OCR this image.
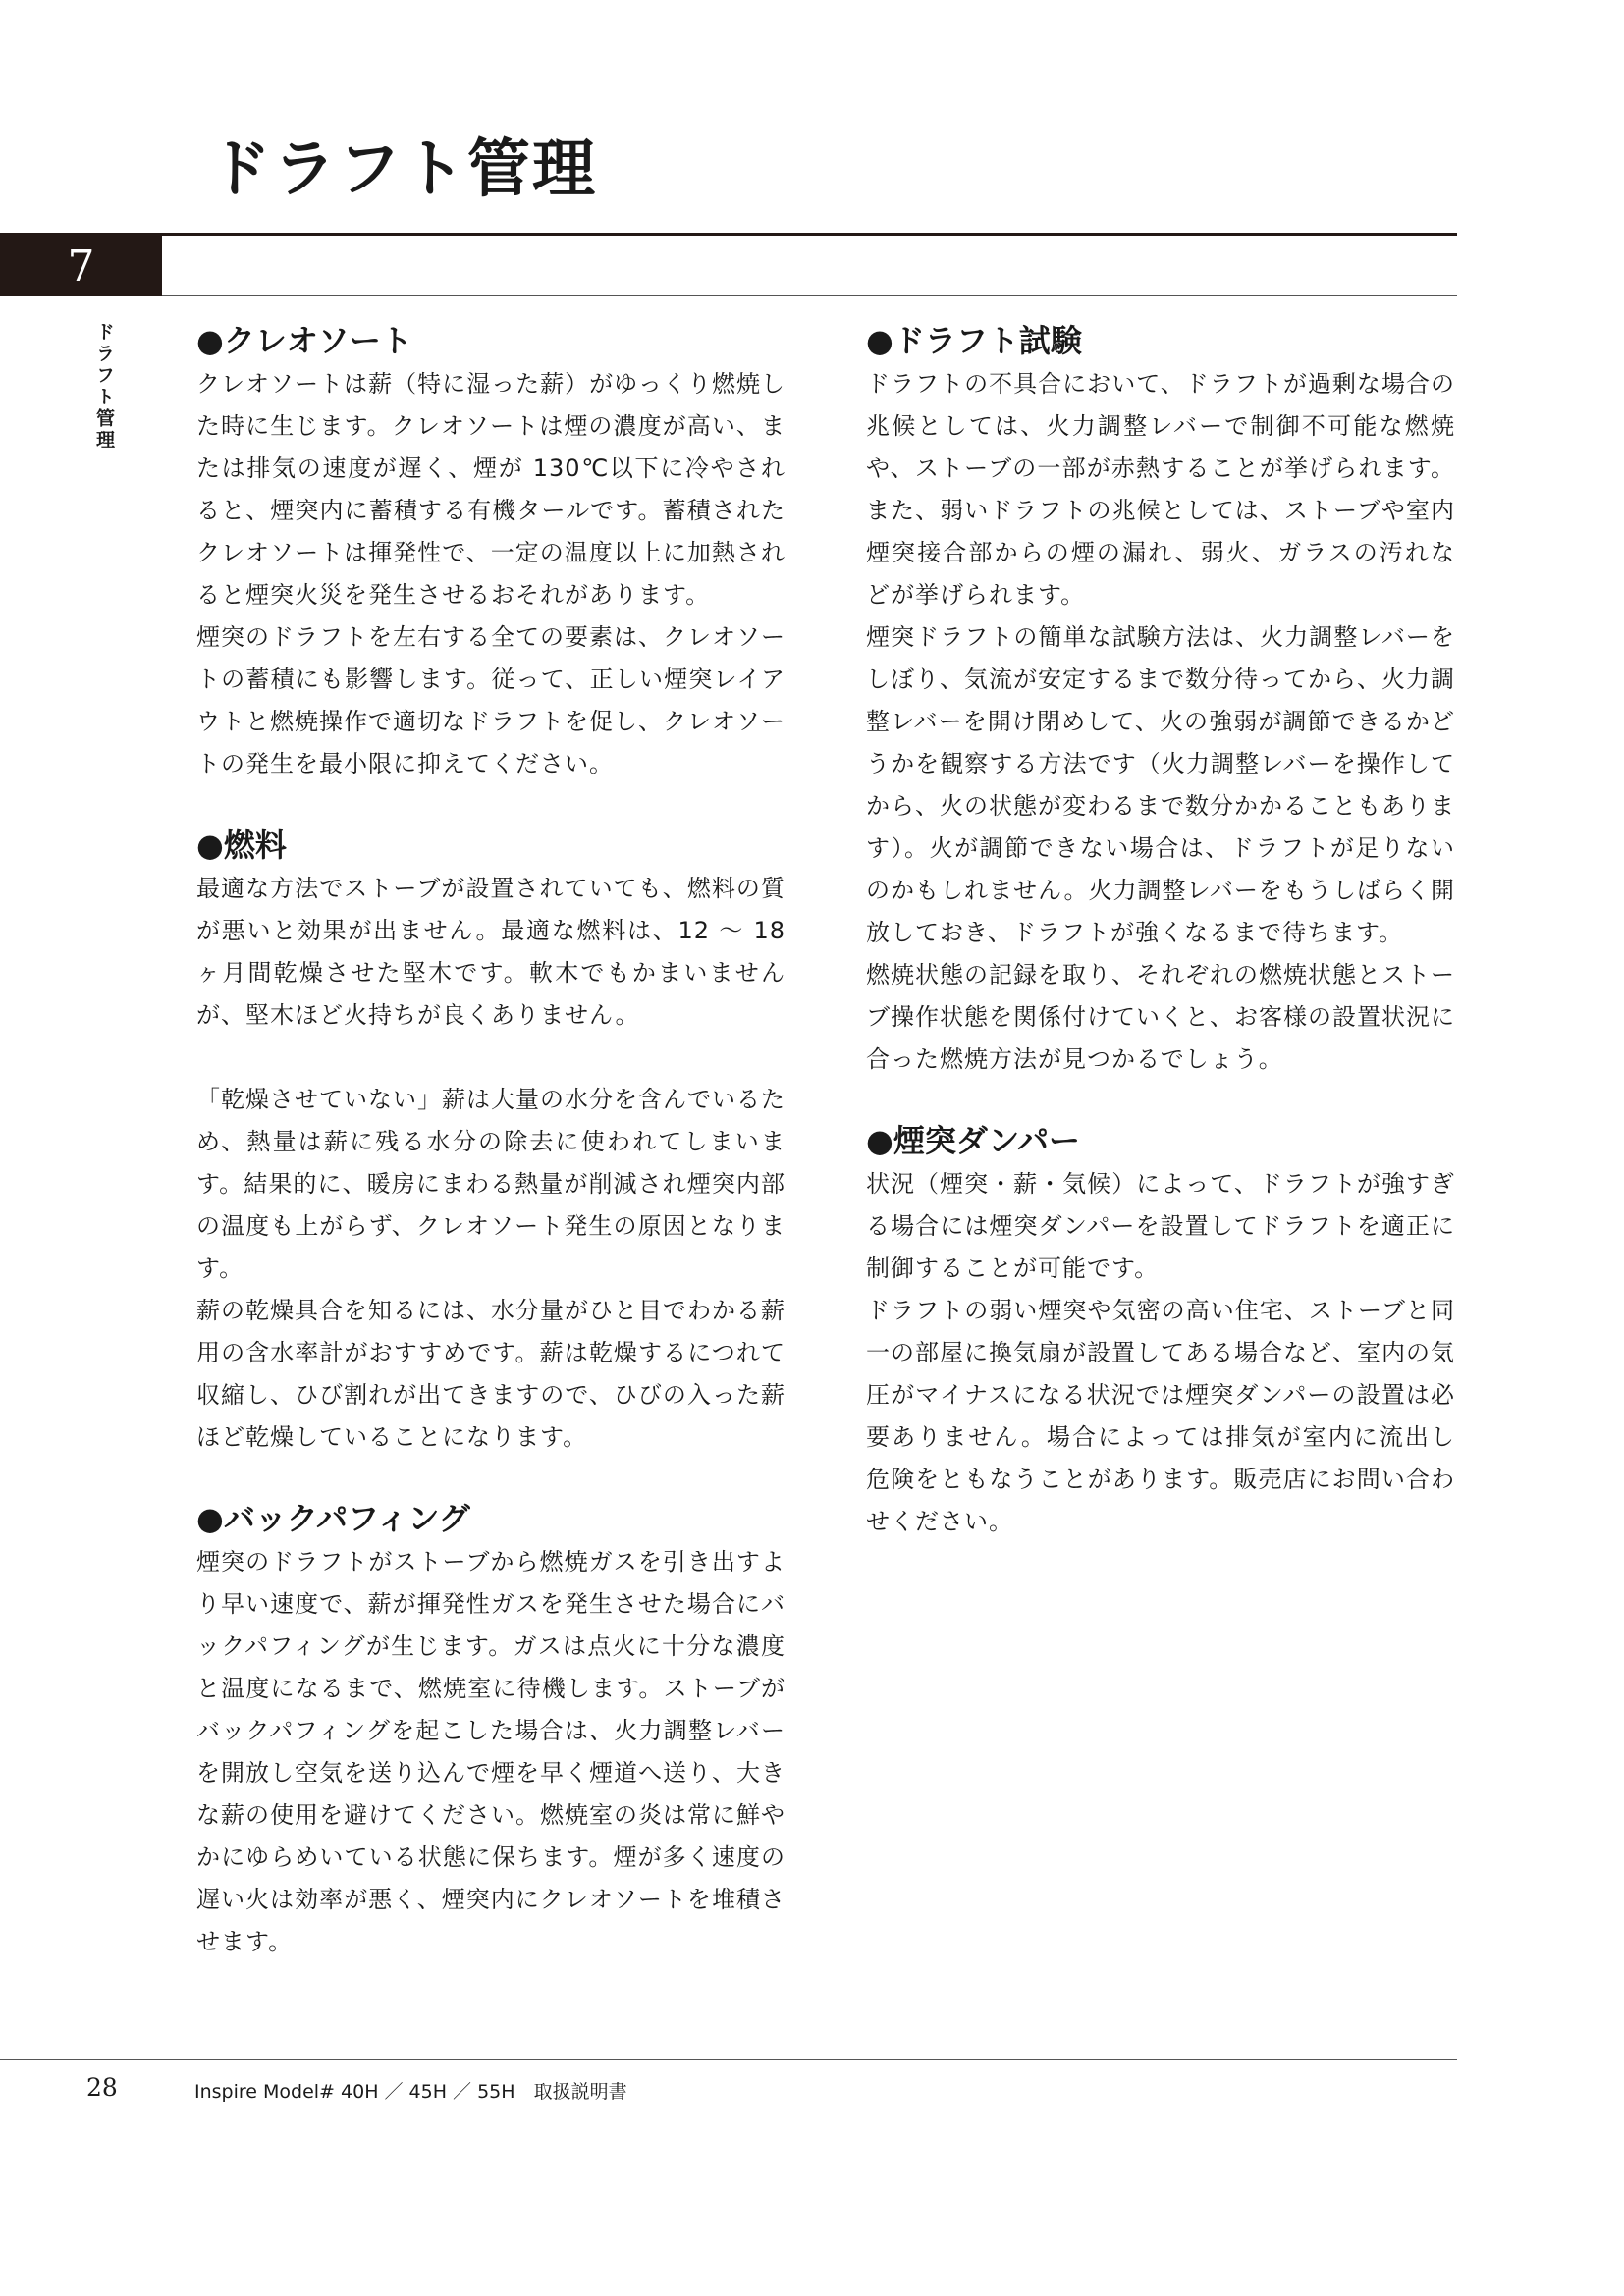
ドラフト管理
7
ドラフト管理	●クレオソート

クレオソートは薪（特に湿った薪）がゆっくり燃焼した時に生じます。クレオソートは煙の濃度が高い、または排気の速度が遅く、煙が 130℃以下に冷やされると、煙突内に蓄積する有機タールです。蓄積されたクレオソートは揮発性で、一定の温度以上に加熱されると煙突火災を発生させるおそれがあります。

煙突のドラフトを左右する全ての要素は、クレオソートの蓄積にも影響します。従って、正しい煙突レイアウトと燃焼操作で適切なドラフトを促し、クレオソートの発生を最小限に抑えてください。

●燃料

最適な方法でストーブが設置されていても、燃料の質が悪いと効果が出ません。最適な燃料は、12 ～ 18 ヶ月間乾燥させた堅木です。軟木でもかまいませんが、堅木ほど火持ちが良くありません。

「乾燥させていない」薪は大量の水分を含んでいるため、熱量は薪に残る水分の除去に使われてしまいます。結果的に、暖房にまわる熱量が削減され煙突内部の温度も上がらず、クレオソート発生の原因となります。

薪の乾燥具合を知るには、水分量がひと目でわかる薪用の含水率計がおすすめです。薪は乾燥するにつれて収縮し、ひび割れが出てきますので、ひびの入った薪ほど乾燥していることになります。

●バックパフィング

煙突のドラフトがストーブから燃焼ガスを引き出すより早い速度で、薪が揮発性ガスを発生させた場合にバックパフィングが生じます。ガスは点火に十分な濃度と温度になるまで、燃焼室に待機します。ストーブがバックパフィングを起こした場合は、火力調整レバーを開放し空気を送り込んで煙を早く煙道へ送り、大きな薪の使用を避けてください。燃焼室の炎は常に鮮やかにゆらめいている状態に保ちます。煙が多く速度の遅い火は効率が悪く、煙突内にクレオソートを堆積させます。

●ドラフト試験

ドラフトの不具合において、ドラフトが過剰な場合の兆候としては、火力調整レバーで制御不可能な燃焼や、ストーブの一部が赤熱することが挙げられます。また、弱いドラフトの兆候としては、ストーブや室内煙突接合部からの煙の漏れ、弱火、ガラスの汚れなどが挙げられます。

煙突ドラフトの簡単な試験方法は、火力調整レバーをしぼり、気流が安定するまで数分待ってから、火力調整レバーを開け閉めして、火の強弱が調節できるかどうかを観察する方法です（火力調整レバーを操作してから、火の状態が変わるまで数分かかることもあります）。火が調節できない場合は、ドラフトが足りないのかもしれません。火力調整レバーをもうしばらく開放しておき、ドラフトが強くなるまで待ちます。

燃焼状態の記録を取り、それぞれの燃焼状態とストーブ操作状態を関係付けていくと、お客様の設置状況に合った燃焼方法が見つかるでしょう。

●煙突ダンパー

状況（煙突・薪・気候）によって、ドラフトが強すぎる場合には煙突ダンパーを設置してドラフトを適正に制御することが可能です。

ドラフトの弱い煙突や気密の高い住宅、ストーブと同一の部屋に換気扇が設置してある場合など、室内の気圧がマイナスになる状況では煙突ダンパーの設置は必要ありません。場合によっては排気が室内に流出し危険をともなうことがあります。販売店にお問い合わせください。

28	Inspire Model# 40H ／ 45H ／ 55H　取扱説明書
